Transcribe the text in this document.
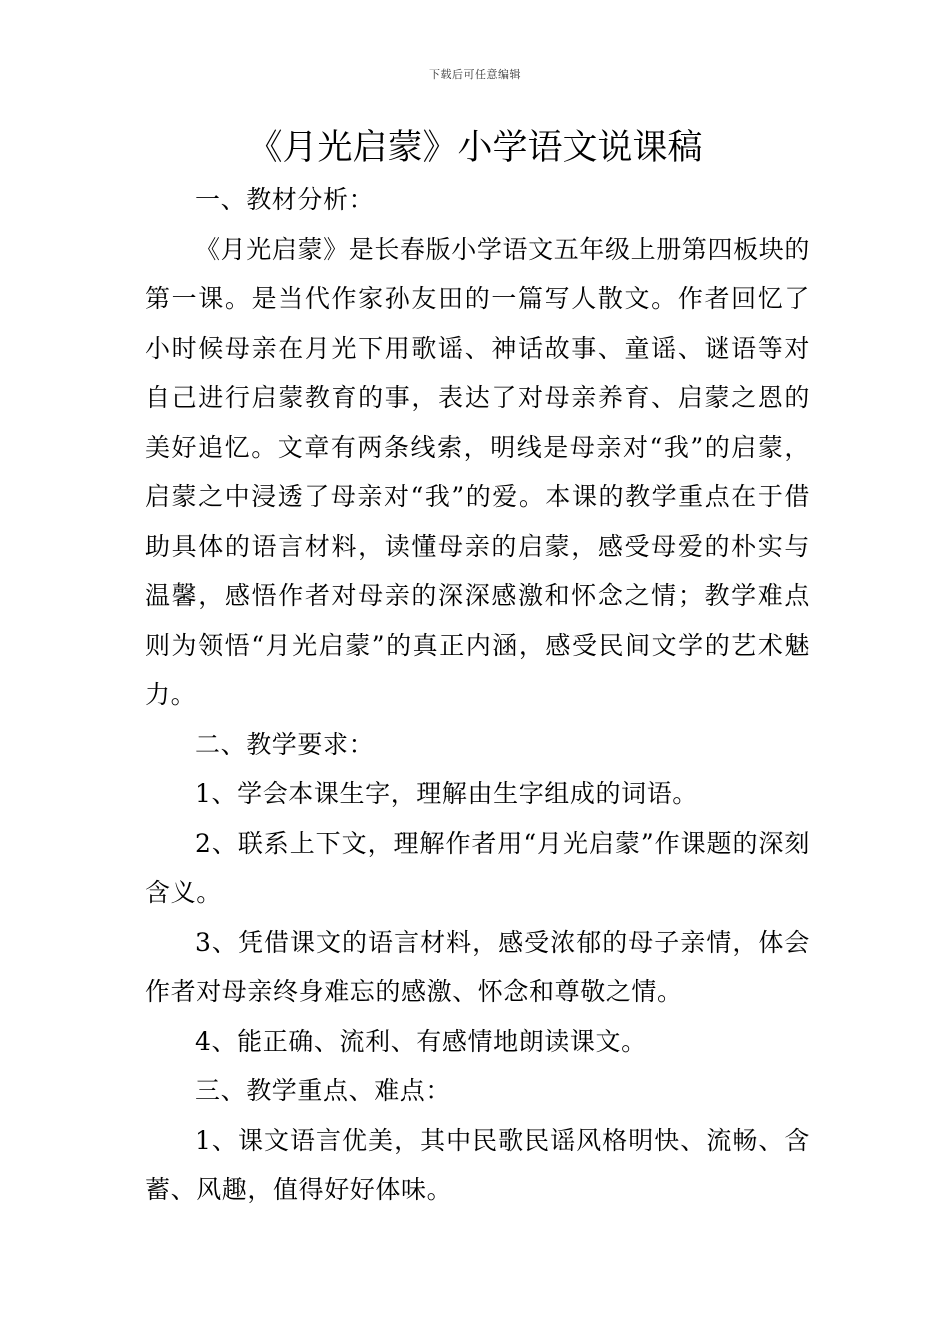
下载后可任意编辑
《月光启蒙》小学语文说课稿

一、教材分析：

《月光启蒙》是长春版小学语文五年级上册第四板块的第一课。是当代作家孙友田的一篇写人散文。作者回忆了小时候母亲在月光下用歌谣、神话故事、童谣、谜语等对自己进行启蒙教育的事，表达了对母亲养育、启蒙之恩的美好追忆。文章有两条线索，明线是母亲对“我”的启蒙，启蒙之中浸透了母亲对“我”的爱。本课的教学重点在于借助具体的语言材料，读懂母亲的启蒙，感受母爱的朴实与温馨，感悟作者对母亲的深深感激和怀念之情；教学难点则为领悟“月光启蒙”的真正内涵，感受民间文学的艺术魅力。

二、教学要求：

1、学会本课生字，理解由生字组成的词语。

2、联系上下文，理解作者用“月光启蒙”作课题的深刻含义。

3、凭借课文的语言材料，感受浓郁的母子亲情，体会作者对母亲终身难忘的感激、怀念和尊敬之情。

4、能正确、流利、有感情地朗读课文。

三、教学重点、难点：

1、课文语言优美，其中民歌民谣风格明快、流畅、含蓄、风趣，值得好好体味。
